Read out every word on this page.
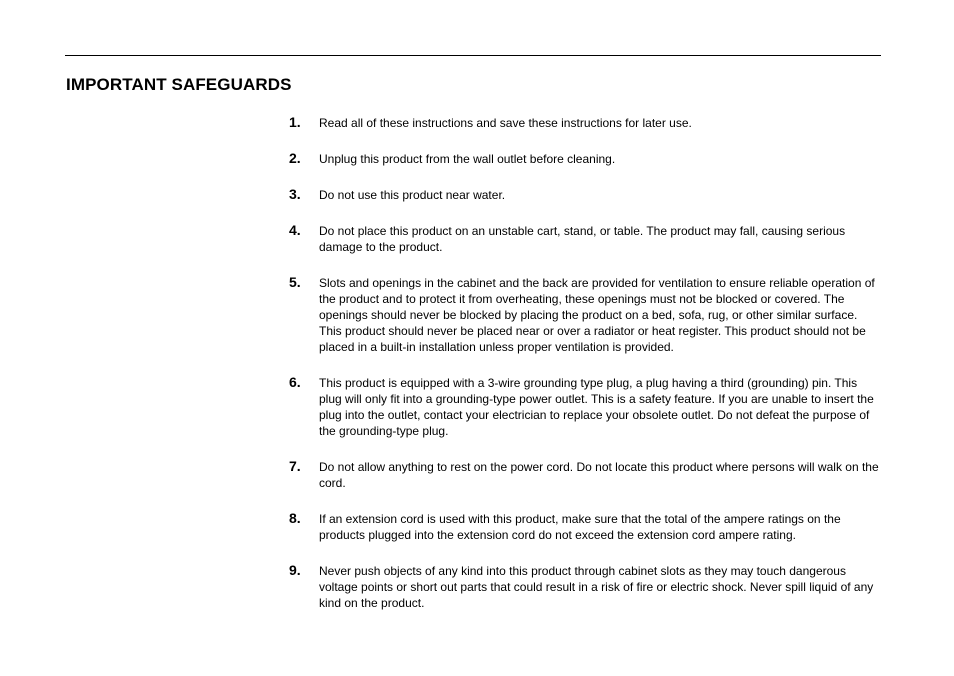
IMPORTANT SAFEGUARDS
1. Read all of these instructions and save these instructions for later use.
2. Unplug this product from the wall outlet before cleaning.
3. Do not use this product near water.
4. Do not place this product on an unstable cart, stand, or table. The product may fall, causing serious damage to the product.
5. Slots and openings in the cabinet and the back are provided for ventilation to ensure reliable operation of the product and to protect it from overheating, these openings must not be blocked or covered. The openings should never be blocked by placing the product on a bed, sofa, rug, or other similar surface. This product should never be placed near or over a radiator or heat register. This product should not be placed in a built-in installation unless proper ventilation is provided.
6. This product is equipped with a 3-wire grounding type plug, a plug having a third (grounding) pin. This plug will only fit into a grounding-type power outlet. This is a safety feature. If you are unable to insert the plug into the outlet, contact your electrician to replace your obsolete outlet. Do not defeat the purpose of the grounding-type plug.
7. Do not allow anything to rest on the power cord. Do not locate this product where persons will walk on the cord.
8. If an extension cord is used with this product, make sure that the total of the ampere ratings on the products plugged into the extension cord do not exceed the extension cord ampere rating.
9. Never push objects of any kind into this product through cabinet slots as they may touch dangerous voltage points or short out parts that could result in a risk of fire or electric shock. Never spill liquid of any kind on the product.
